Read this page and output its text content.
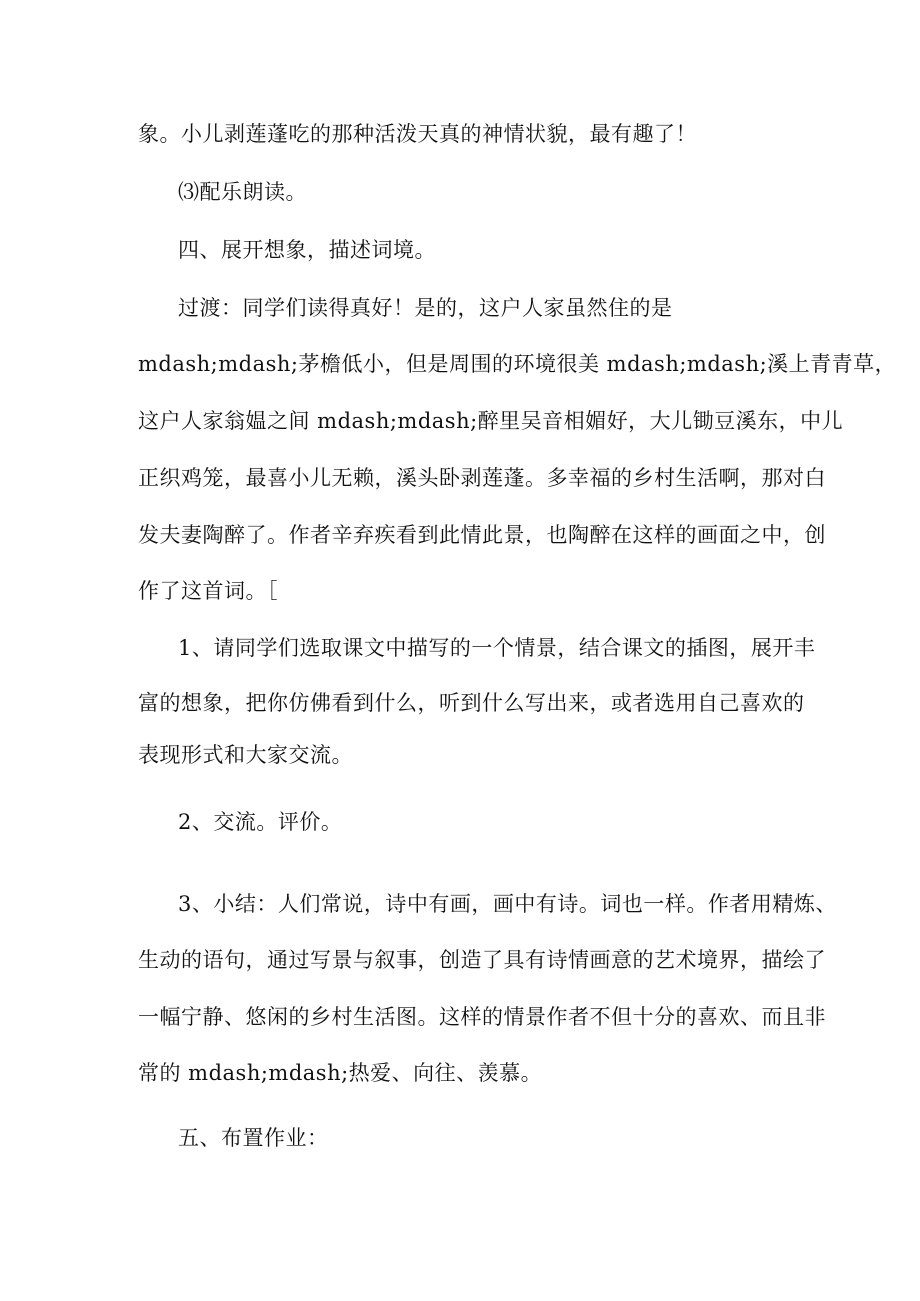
象。小儿剥莲蓬吃的那种活泼天真的神情状貌，最有趣了！
⑶配乐朗读。
四、展开想象，描述词境。
过渡：同学们读得真好！是的，这户人家虽然住的是
mdash;mdash;茅檐低小，但是周围的环境很美 mdash;mdash;溪上青青草，
这户人家翁媪之间 mdash;mdash;醉里吴音相媚好，大儿锄豆溪东，中儿
正织鸡笼，最喜小儿无赖，溪头卧剥莲蓬。多幸福的乡村生活啊，那对白
发夫妻陶醉了。作者辛弃疾看到此情此景，也陶醉在这样的画面之中，创
作了这首词。［
1、请同学们选取课文中描写的一个情景，结合课文的插图，展开丰
富的想象，把你仿佛看到什么，听到什么写出来，或者选用自己喜欢的
表现形式和大家交流。
2、交流。评价。
3、小结：人们常说，诗中有画，画中有诗。词也一样。作者用精炼、
生动的语句，通过写景与叙事，创造了具有诗情画意的艺术境界，描绘了
一幅宁静、悠闲的乡村生活图。这样的情景作者不但十分的喜欢、而且非
常的 mdash;mdash;热爱、向往、羡慕。
五、布置作业：
